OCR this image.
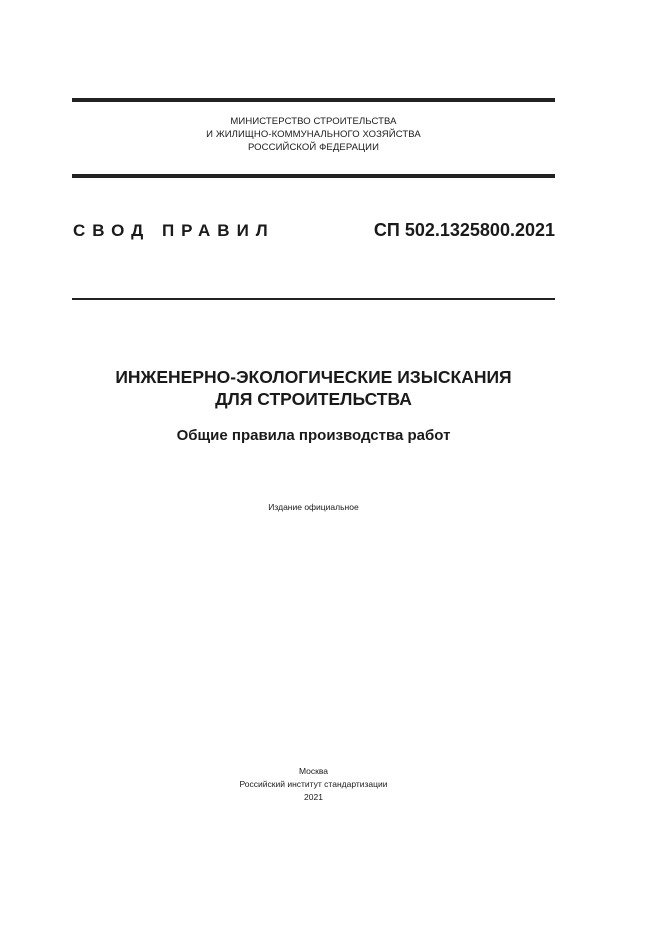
МИНИСТЕРСТВО СТРОИТЕЛЬСТВА
И ЖИЛИЩНО-КОММУНАЛЬНОГО ХОЗЯЙСТВА
РОССИЙСКОЙ ФЕДЕРАЦИИ
СВОД ПРАВИЛ	СП 502.1325800.2021
ИНЖЕНЕРНО-ЭКОЛОГИЧЕСКИЕ ИЗЫСКАНИЯ
ДЛЯ СТРОИТЕЛЬСТВА
Общие правила производства работ
Издание официальное
Москва
Российский институт стандартизации
2021
